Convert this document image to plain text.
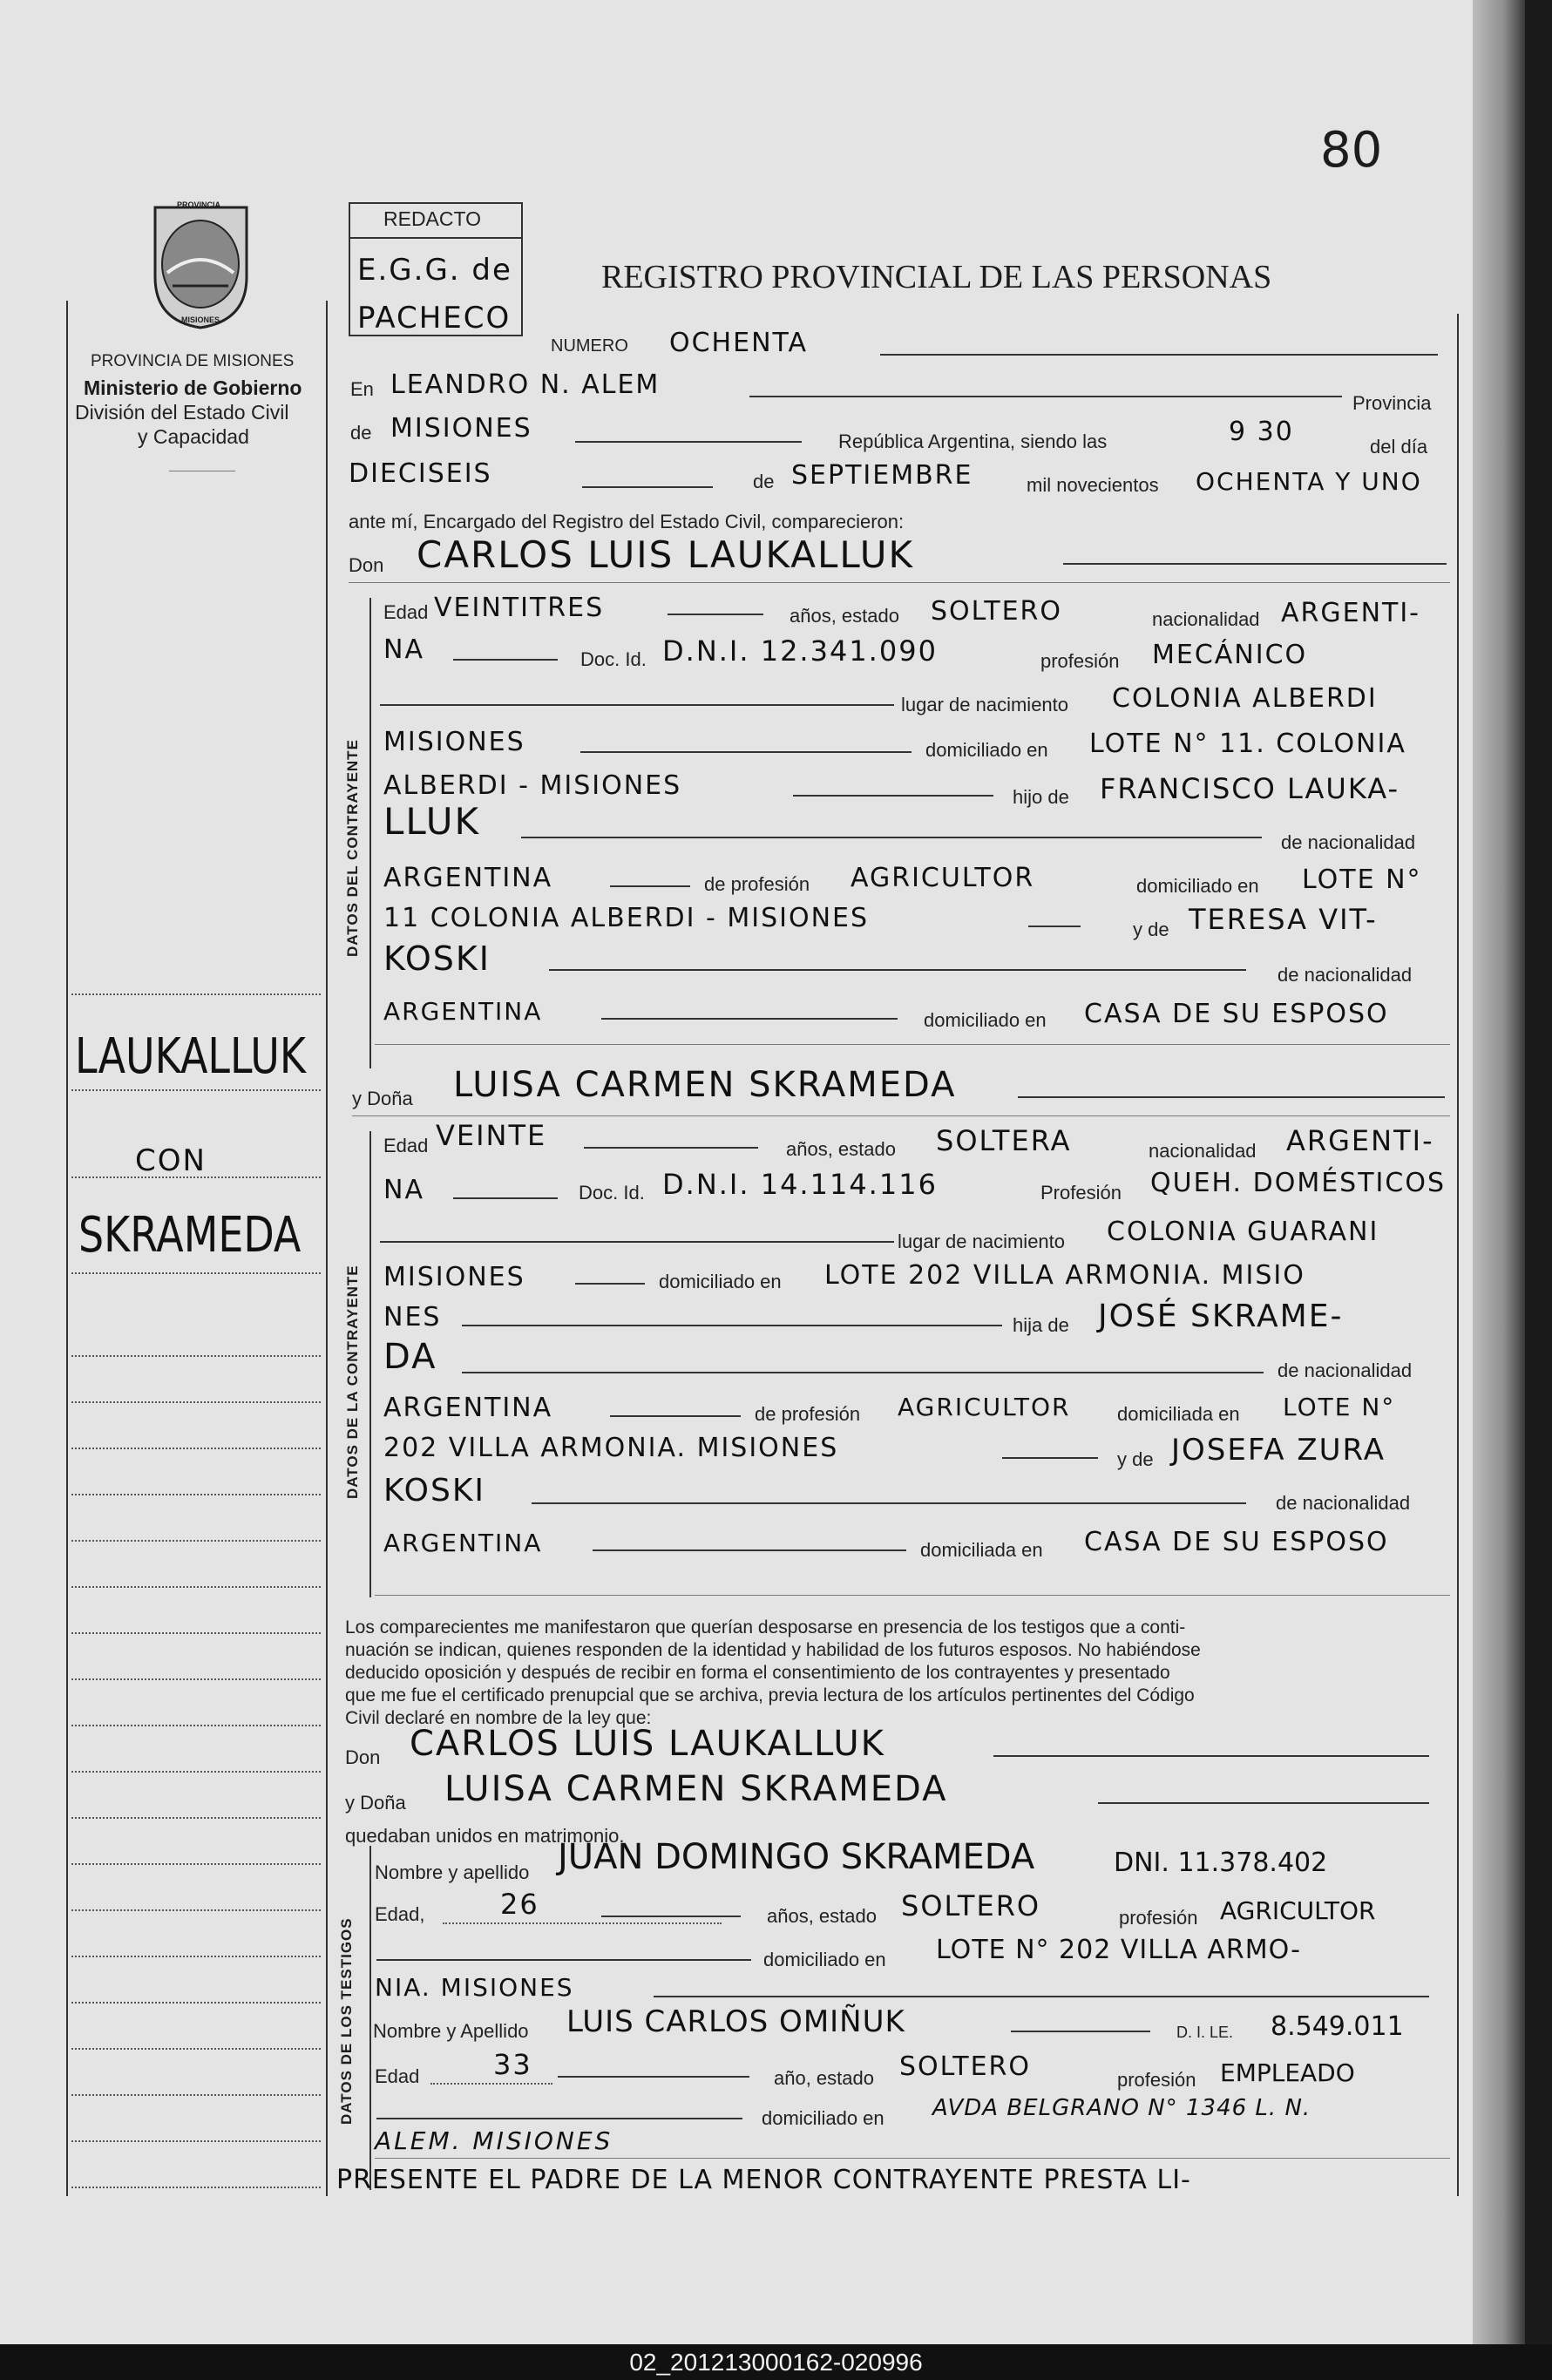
80
PROVINCIA
MISIONES
PROVINCIA DE MISIONES
Ministerio de Gobierno
División del Estado Civil
y Capacidad
REDACTO
E.G.G. de
PACHECO
REGISTRO PROVINCIAL DE LAS PERSONAS
LAUKALLUK
CON
SKRAMEDA
NUMERO OCHENTA
En LEANDRO N. ALEM
Provincia
de MISIONES	República Argentina, siendo las	9 30	del día
DIECISEIS	de SEPTIEMBRE	mil novecientos OCHENTA Y UNO
ante mí, Encargado del Registro del Estado Civil, comparecieron:
Don CARLOS LUIS LAUKALLUK
DATOS DEL CONTRAYENTE
Edad VEINTITRES	años, estado SOLTERO	nacionalidad ARGENTI-
NA	Doc. Id. D.N.I. 12.341.090	profesión MECÁNICO
lugar de nacimiento COLONIA ALBERDI
MISIONES	domiciliado en LOTE N° 11. COLONIA
ALBERDI - MISIONES	hijo de FRANCISCO LAUKA-
LLUK	de nacionalidad
ARGENTINA	de profesión AGRICULTOR	domiciliado en LOTE N°
11 COLONIA ALBERDI - MISIONES	y de TERESA VIT-
KOSKI	de nacionalidad
ARGENTINA	domiciliado en CASA DE SU ESPOSO
y Doña LUISA CARMEN SKRAMEDA
DATOS DE LA CONTRAYENTE
Edad VEINTE	años, estado SOLTERA	nacionalidad ARGENTI-
NA	Doc. Id. D.N.I. 14.114.116	Profesión QUEH. DOMÉSTICOS
lugar de nacimiento COLONIA GUARANI
MISIONES	domiciliado en LOTE 202 VILLA ARMONIA. MISIO
NES	hija de JOSÉ SKRAME-
DA	de nacionalidad
ARGENTINA	de profesión AGRICULTOR domiciliada en LOTE N°
202 VILLA ARMONIA. MISIONES	y de JOSEFA ZURA
KOSKI	de nacionalidad
ARGENTINA	domiciliada en CASA DE SU ESPOSO
Los comparecientes me manifestaron que querían desposarse en presencia de los testigos que a conti-
nuación se indican, quienes responden de la identidad y habilidad de los futuros esposos. No habiéndose
deducido oposición y después de recibir en forma el consentimiento de los contrayentes y presentado
que me fue el certificado prenupcial que se archiva, previa lectura de los artículos pertinentes del Código
Civil declaré en nombre de la ley que:
Don CARLOS LUIS LAUKALLUK
y Doña LUISA CARMEN SKRAMEDA
quedaban unidos en matrimonio.
DATOS DE LOS TESTIGOS
Nombre y apellido JUAN DOMINGO SKRAMEDA	DNI. 11.378.402
Edad,	26	años, estado SOLTERO	profesión AGRICULTOR
domiciliado en LOTE N° 202 VILLA ARMO-
NIA. MISIONES
Nombre y Apellido LUIS CARLOS OMIÑUK	D. I. LE. 8.549.011
Edad	33	año, estado SOLTERO	profesión EMPLEADO
domiciliado en AVDA BELGRANO N° 1346 L. N.
ALEM. MISIONES
PRESENTE EL PADRE DE LA MENOR CONTRAYENTE PRESTA LI-
02_201213000162-020996
